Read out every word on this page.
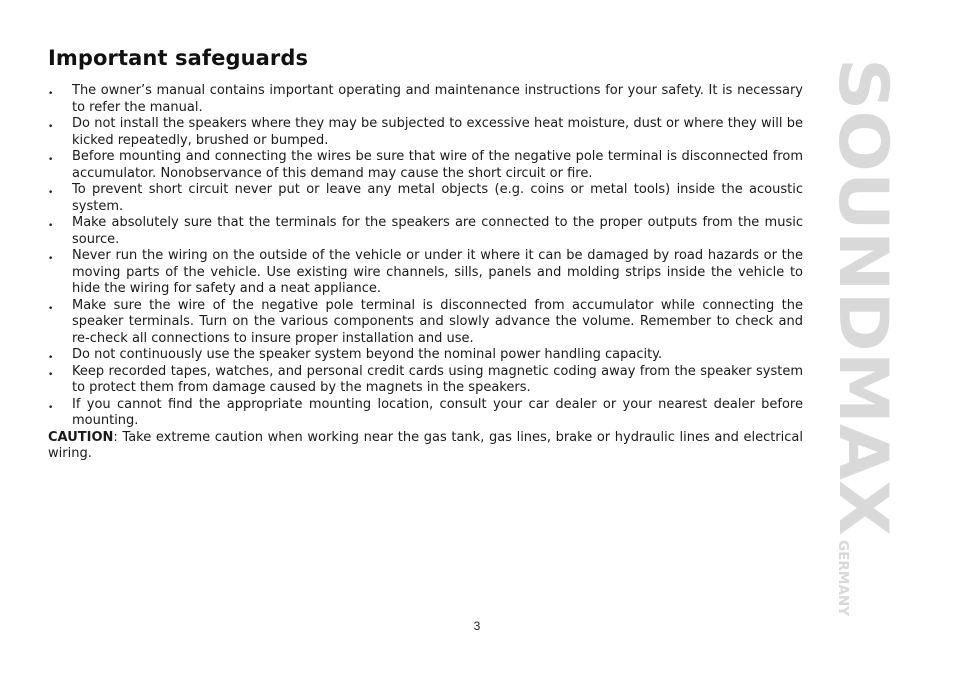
Important safeguards
• The owner’s manual contains important operating and maintenance instructions for your safety. It is necessary to refer the manual.
• Do not install the speakers where they may be subjected to excessive heat moisture, dust or where they will be kicked repeatedly, brushed or bumped.
• Before mounting and connecting the wires be sure that wire of the negative pole terminal is disconnected from accumulator. Nonobservance of this demand may cause the short circuit or fire.
• To prevent short circuit never put or leave any metal objects (e.g. coins or metal tools) inside the acoustic system.
• Make absolutely sure that the terminals for the speakers are connected to the proper outputs from the music source.
• Never run the wiring on the outside of the vehicle or under it where it can be damaged by road hazards or the moving parts of the vehicle. Use existing wire channels, sills, panels and molding strips inside the vehicle to hide the wiring for safety and a neat appliance.
• Make sure the wire of the negative pole terminal is disconnected from accumulator while connecting the speaker terminals. Turn on the various components and slowly advance the volume. Remember to check and re-check all connections to insure proper installation and use.
• Do not continuously use the speaker system beyond the nominal power handling capacity.
• Keep recorded tapes, watches, and personal credit cards using magnetic coding away from the speaker system to protect them from damage caused by the magnets in the speakers.
• If you cannot find the appropriate mounting location, consult your car dealer or your nearest dealer before mounting.

CAUTION: Take extreme caution when working near the gas tank, gas lines, brake or hydraulic lines and electrical wiring.	SOUNDMAX
GERMANY
3
